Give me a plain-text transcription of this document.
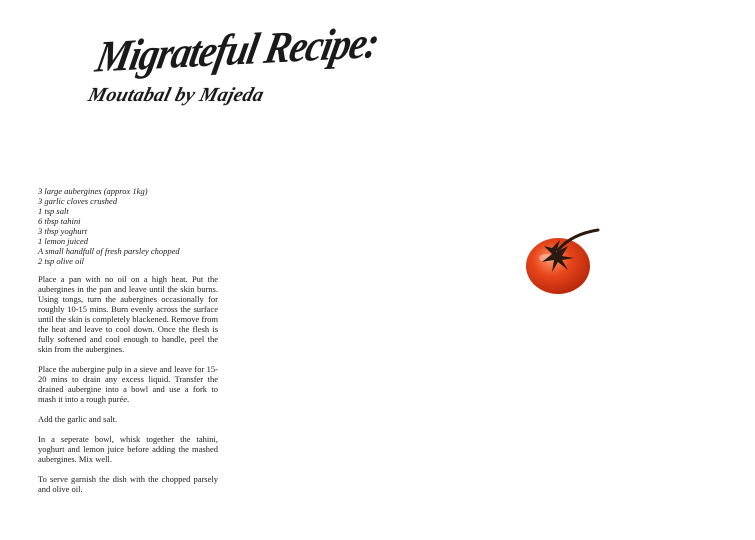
Migrateful Recipe:
Moutabal by Majeda
3 large aubergines (approx 1kg)
3 garlic cloves crushed
1 tsp salt
6 tbsp tahini
3 tbsp yoghurt
1 lemon juiced
A small handfull of fresh parsley chopped
2 tsp olive oil

Place a pan with no oil on a high heat. Put the aubergines in the pan and leave until the skin burns. Using tongs, turn the aubergines occasionally for roughly 10-15 mins. Burn evenly across the surface until the skin is completely blackened. Remove from the heat and leave to cool down. Once the flesh is fully softened and cool enough to handle, peel the skin from the aubergines.

Place the aubergine pulp in a sieve and leave for 15-20 mins to drain any excess liquid. Transfer the drained aubergine into a bowl and use a fork to mash it into a rough purée.

Add the garlic and salt.

In a seperate bowl, whisk together the tahini, yoghurt and lemon juice before adding the mashed aubergines. Mix well.

To serve garnish the dish with the chopped parsely and olive oil.
